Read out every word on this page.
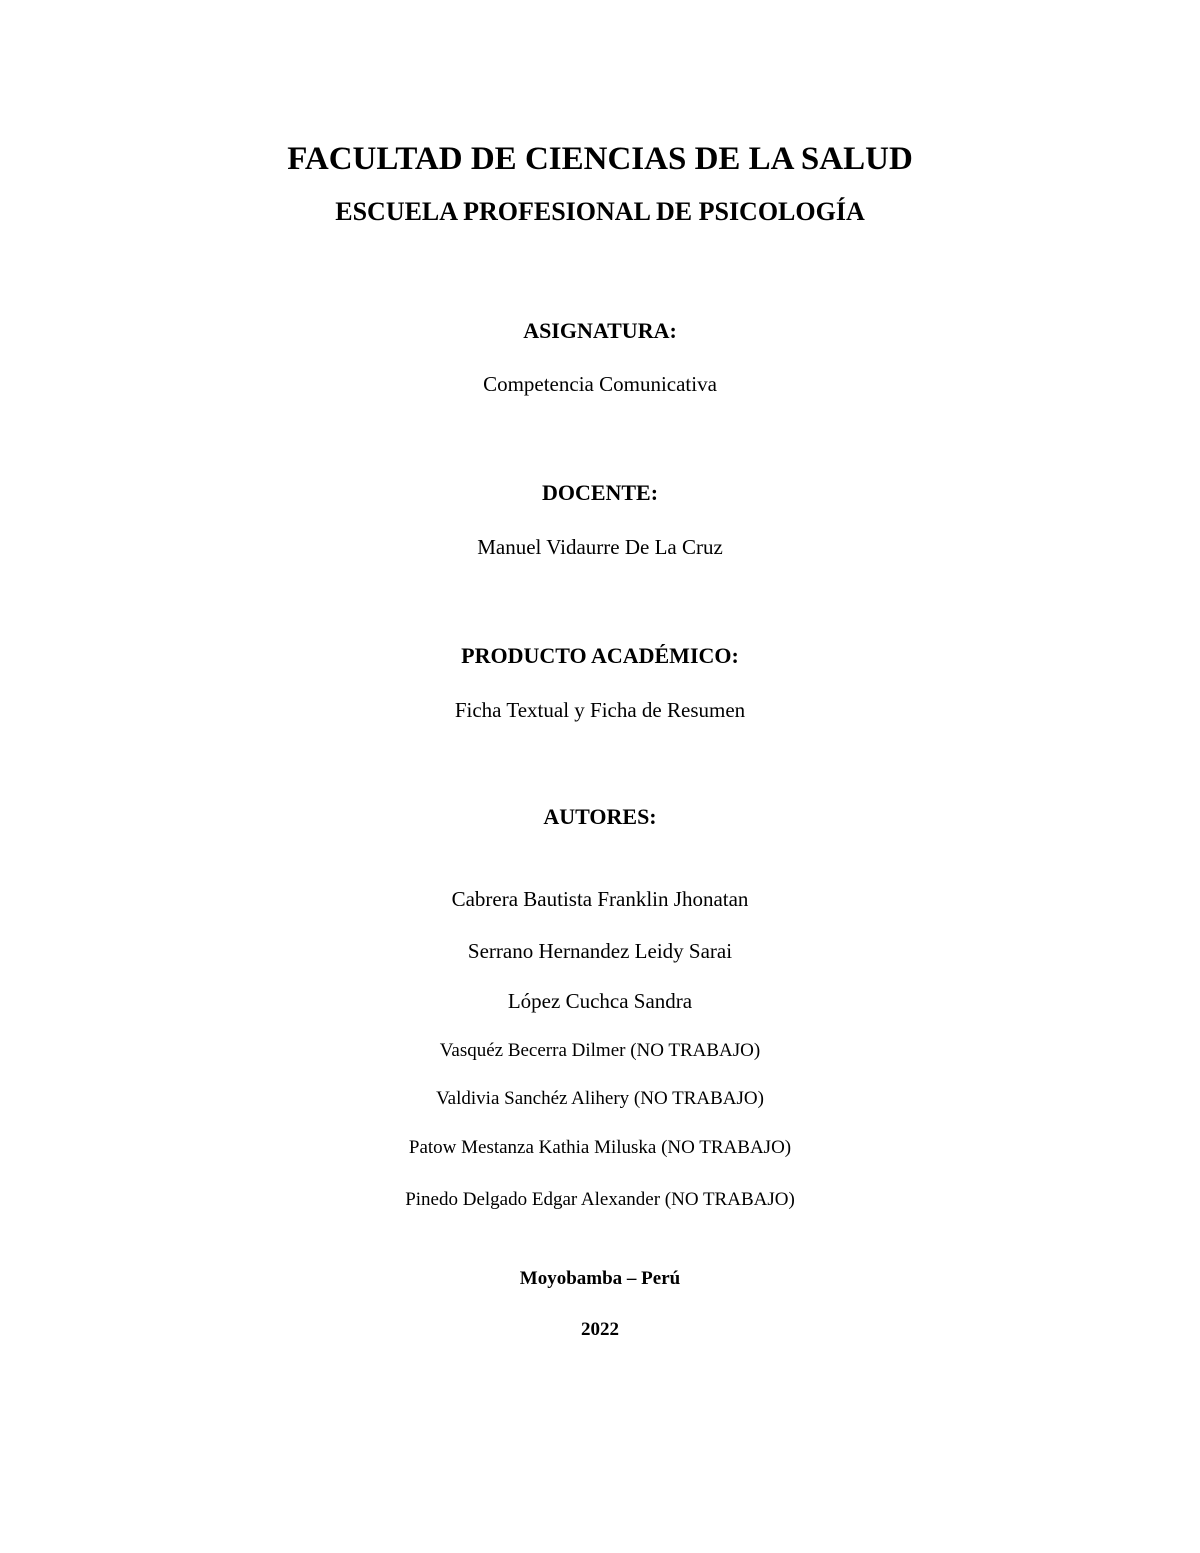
FACULTAD DE CIENCIAS DE LA SALUD
ESCUELA PROFESIONAL DE PSICOLOGÍA
ASIGNATURA:
Competencia Comunicativa
DOCENTE:
Manuel Vidaurre De La Cruz
PRODUCTO ACADÉMICO:
Ficha Textual y Ficha de Resumen
AUTORES:
Cabrera Bautista Franklin Jhonatan
Serrano Hernandez Leidy Sarai
López Cuchca Sandra
Vasquéz Becerra Dilmer (NO TRABAJO)
Valdivia Sanchéz Alihery (NO TRABAJO)
Patow Mestanza Kathia Miluska (NO TRABAJO)
Pinedo Delgado Edgar Alexander (NO TRABAJO)
Moyobamba – Perú
2022
